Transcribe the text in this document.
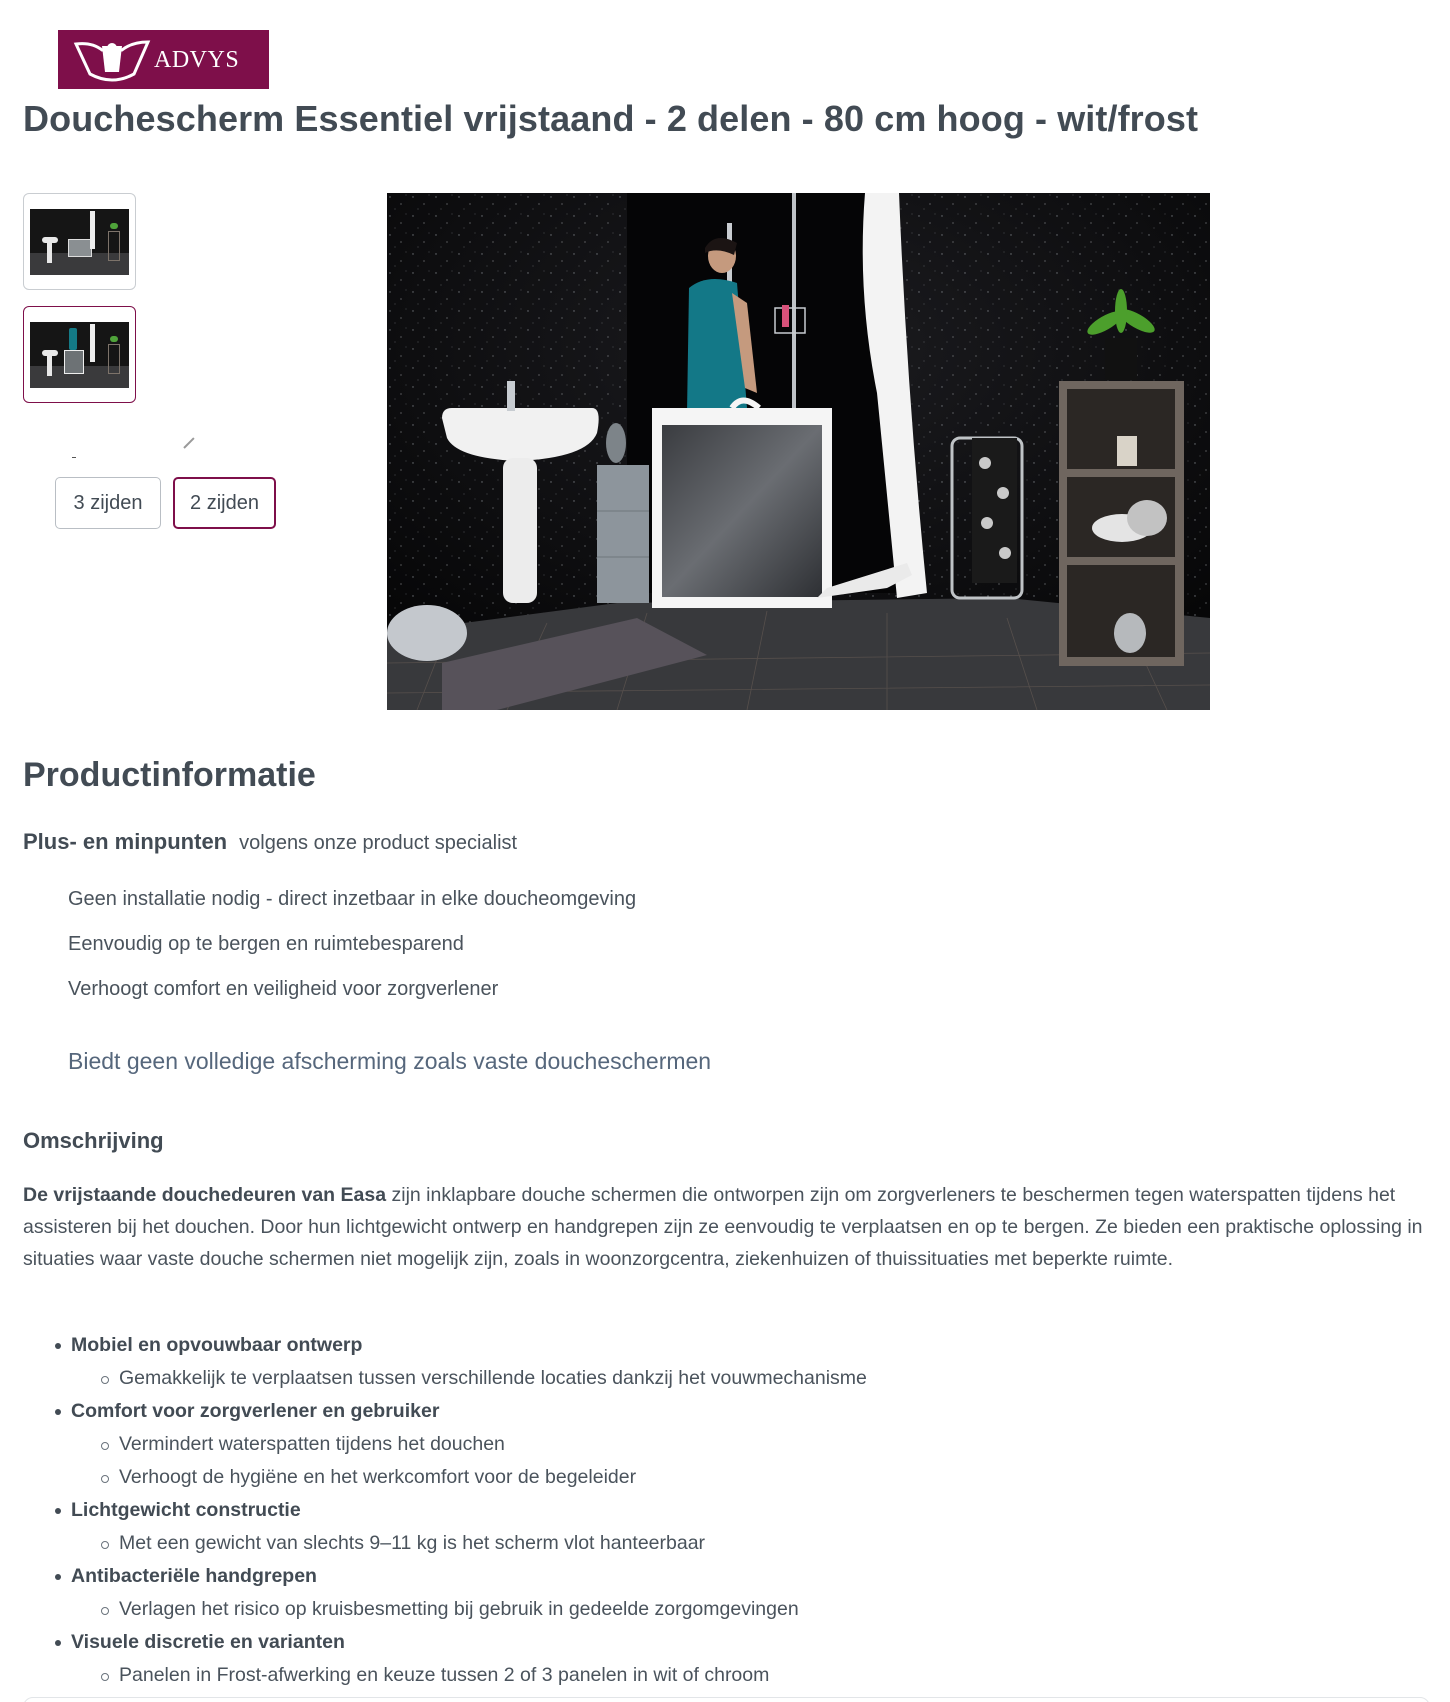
ADVYS
Douchescherm Essentiel vrijstaand - 2 delen - 80 cm hoog - wit/frost
3 zijden	2 zijden
Productinformatie
Plus- en minpunten volgens onze product specialist
Geen installatie nodig - direct inzetbaar in elke doucheomgeving
Eenvoudig op te bergen en ruimtebesparend
Verhoogt comfort en veiligheid voor zorgverlener
Biedt geen volledige afscherming zoals vaste doucheschermen
Omschrijving

De vrijstaande douchedeuren van Easa zijn inklapbare douche schermen die ontworpen zijn om zorgverleners te beschermen tegen waterspatten tijdens het assisteren bij het douchen. Door hun lichtgewicht ontwerp en handgrepen zijn ze eenvoudig te verplaatsen en op te bergen. Ze bieden een praktische oplossing in situaties waar vaste douche schermen niet mogelijk zijn, zoals in woonzorgcentra, ziekenhuizen of thuissituaties met beperkte ruimte.

Mobiel en opvouwbaar ontwerp
Gemakkelijk te verplaatsen tussen verschillende locaties dankzij het vouwmechanisme
Comfort voor zorgverlener en gebruiker
Vermindert waterspatten tijdens het douchen
Verhoogt de hygiëne en het werkcomfort voor de begeleider
Lichtgewicht constructie
Met een gewicht van slechts 9–11 kg is het scherm vlot hanteerbaar
Antibacteriële handgrepen
Verlagen het risico op kruisbesmetting bij gebruik in gedeelde zorgomgevingen
Visuele discretie en varianten
Panelen in Frost-afwerking en keuze tussen 2 of 3 panelen in wit of chroom
